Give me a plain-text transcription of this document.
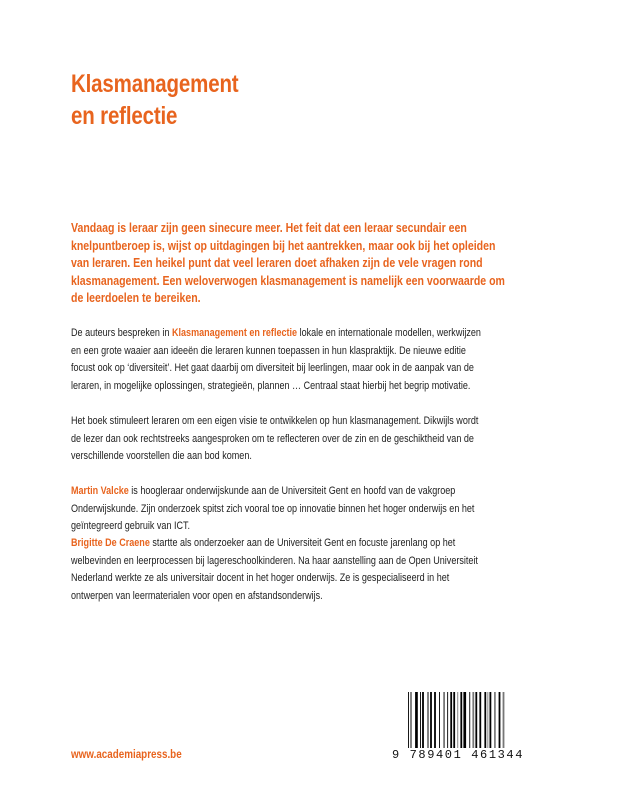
Klasmanagement
en reflectie
Vandaag is leraar zijn geen sinecure meer. Het feit dat een leraar secundair een
knelpuntberoep is, wijst op uitdagingen bij het aantrekken, maar ook bij het opleiden
van leraren. Een heikel punt dat veel leraren doet afhaken zijn de vele vragen rond
klasmanagement. Een weloverwogen klasmanagement is namelijk een voorwaarde om
de leerdoelen te bereiken.
De auteurs bespreken in Klasmanagement en reflectie lokale en internationale modellen, werkwijzen
en een grote waaier aan ideeën die leraren kunnen toepassen in hun klaspraktijk. De nieuwe editie
focust ook op ‘diversiteit’. Het gaat daarbij om diversiteit bij leerlingen, maar ook in de aanpak van de
leraren, in mogelijke oplossingen, strategieën, plannen … Centraal staat hierbij het begrip motivatie.
Het boek stimuleert leraren om een eigen visie te ontwikkelen op hun klasmanagement. Dikwijls wordt
de lezer dan ook rechtstreeks aangesproken om te reflecteren over de zin en de geschiktheid van de
verschillende voorstellen die aan bod komen.
Martin Valcke is hoogleraar onderwijskunde aan de Universiteit Gent en hoofd van de vakgroep
Onderwijskunde. Zijn onderzoek spitst zich vooral toe op innovatie binnen het hoger onderwijs en het
geïntegreerd gebruik van ICT.
Brigitte De Craene startte als onderzoeker aan de Universiteit Gent en focuste jarenlang op het
welbevinden en leerprocessen bij lagereschoolkinderen. Na haar aanstelling aan de Open Universiteit
Nederland werkte ze als universitair docent in het hoger onderwijs. Ze is gespecialiseerd in het
ontwerpen van leermaterialen voor open en afstandsonderwijs.
www.academiapress.be	9 789401 461344
